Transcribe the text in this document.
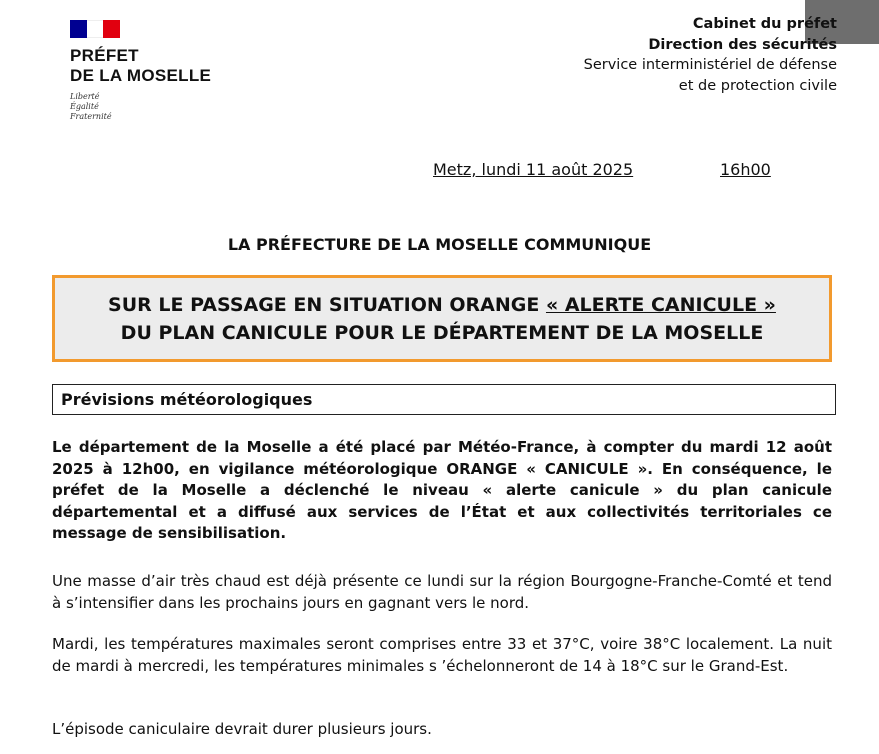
PRÉFET
DE LA MOSELLE
Liberté
Égalité
Fraternité
Cabinet du préfet
Direction des sécurités
Service interministériel de défense
et de protection civile
Metz, lundi 11 août 2025	16h00
LA PRÉFECTURE DE LA MOSELLE COMMUNIQUE
SUR LE PASSAGE EN SITUATION ORANGE « ALERTE CANICULE »
DU PLAN CANICULE POUR LE DÉPARTEMENT DE LA MOSELLE
Prévisions météorologiques
Le département de la Moselle a été placé par Météo-France, à compter du mardi 12 août 2025 à 12h00, en vigilance météorologique ORANGE « CANICULE ». En conséquence, le préfet de la Moselle a déclenché le niveau « alerte canicule » du plan canicule départemental et a diffusé aux services de l’État et aux collectivités territoriales ce message de sensibilisation.
Une masse d’air très chaud est déjà présente ce lundi sur la région Bourgogne-Franche-Comté et tend à s’intensifier dans les prochains jours en gagnant vers le nord.
Mardi, les températures maximales seront comprises entre 33 et 37°C, voire 38°C localement. La nuit de mardi à mercredi, les températures minimales s ’échelonneront de 14 à 18°C sur le Grand-Est.
L’épisode caniculaire devrait durer plusieurs jours.
